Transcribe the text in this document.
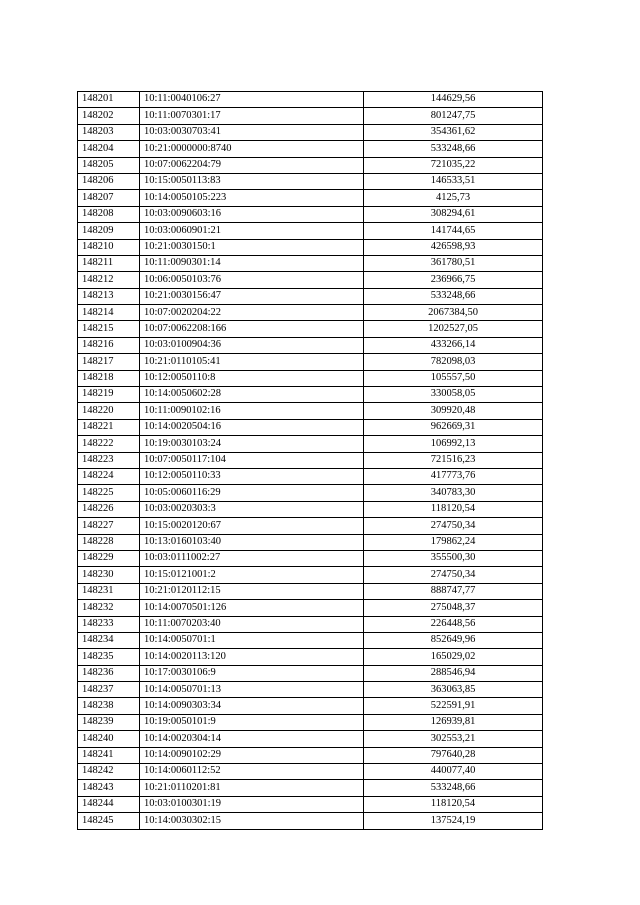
148201	10:11:0040106:27	144629,56
148202	10:11:0070301:17	801247,75
148203	10:03:0030703:41	354361,62
148204	10:21:0000000:8740	533248,66
148205	10:07:0062204:79	721035,22
148206	10:15:0050113:83	146533,51
148207	10:14:0050105:223	4125,73
148208	10:03:0090603:16	308294,61
148209	10:03:0060901:21	141744,65
148210	10:21:0030150:1	426598,93
148211	10:11:0090301:14	361780,51
148212	10:06:0050103:76	236966,75
148213	10:21:0030156:47	533248,66
148214	10:07:0020204:22	2067384,50
148215	10:07:0062208:166	1202527,05
148216	10:03:0100904:36	433266,14
148217	10:21:0110105:41	782098,03
148218	10:12:0050110:8	105557,50
148219	10:14:0050602:28	330058,05
148220	10:11:0090102:16	309920,48
148221	10:14:0020504:16	962669,31
148222	10:19:0030103:24	106992,13
148223	10:07:0050117:104	721516,23
148224	10:12:0050110:33	417773,76
148225	10:05:0060116:29	340783,30
148226	10:03:0020303:3	118120,54
148227	10:15:0020120:67	274750,34
148228	10:13:0160103:40	179862,24
148229	10:03:0111002:27	355500,30
148230	10:15:0121001:2	274750,34
148231	10:21:0120112:15	888747,77
148232	10:14:0070501:126	275048,37
148233	10:11:0070203:40	226448,56
148234	10:14:0050701:1	852649,96
148235	10:14:0020113:120	165029,02
148236	10:17:0030106:9	288546,94
148237	10:14:0050701:13	363063,85
148238	10:14:0090303:34	522591,91
148239	10:19:0050101:9	126939,81
148240	10:14:0020304:14	302553,21
148241	10:14:0090102:29	797640,28
148242	10:14:0060112:52	440077,40
148243	10:21:0110201:81	533248,66
148244	10:03:0100301:19	118120,54
148245	10:14:0030302:15	137524,19
